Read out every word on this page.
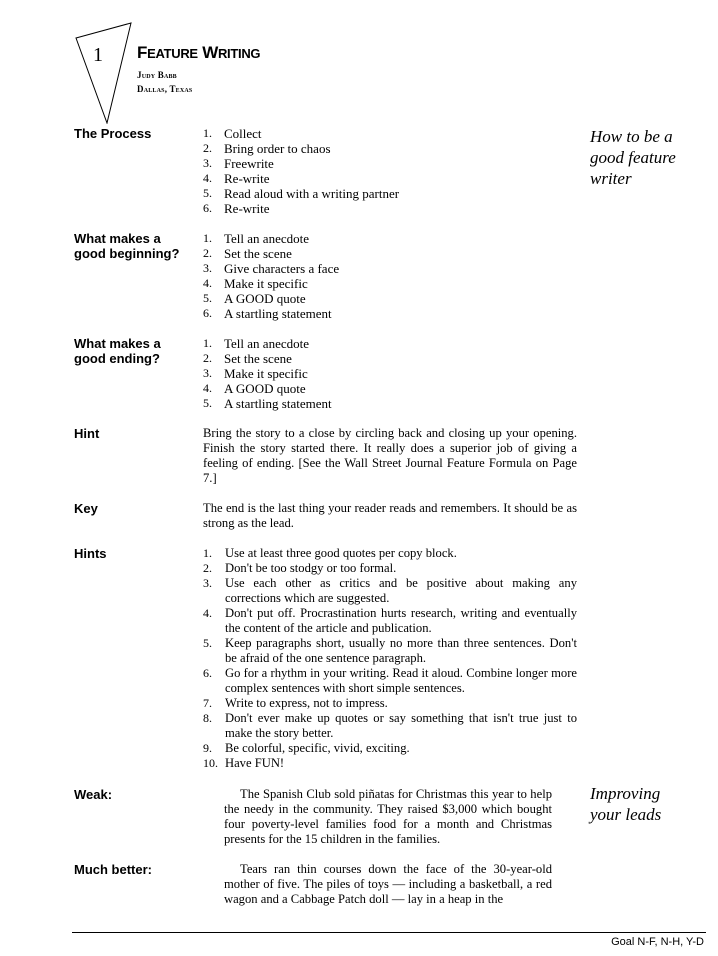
1 FEATURE WRITING
Judy Babb
Dallas, Texas
The Process	1. Collect
2. Bring order to chaos
3. Freewrite
4. Re-write
5. Read aloud with a writing partner
6. Re-write
How to be a
good feature
writer
What makes a
good beginning?
1. Tell an anecdote
2. Set the scene
3. Give characters a face
4. Make it specific
5. A GOOD quote
6. A startling statement
What makes a
good ending?
1. Tell an anecdote
2. Set the scene
3. Make it specific
4. A GOOD quote
5. A startling statement
Hint	Bring the story to a close by circling back and closing up your opening. Finish the story started there. It really does a superior job of giving a feeling of ending. [See the Wall Street Journal Feature Formula on Page 7.]
Key	The end is the last thing your reader reads and remembers. It should be as strong as the lead.
Hints	1. Use at least three good quotes per copy block.
2. Don't be too stodgy or too formal.
3. Use each other as critics and be positive about making any corrections which are suggested.
4. Don't put off. Procrastination hurts research, writing and eventually the content of the article and publication.
5. Keep paragraphs short, usually no more than three sentences. Don't be afraid of the one sentence paragraph.
6. Go for a rhythm in your writing. Read it aloud. Combine longer more complex sentences with short simple sentences.
7. Write to express, not to impress.
8. Don't ever make up quotes or say something that isn't true just to make the story better.
9. Be colorful, specific, vivid, exciting.
10. Have FUN!
Weak:	The Spanish Club sold piñatas for Christmas this year to help the needy in the community. They raised $3,000 which bought four poverty-level families food for a month and Christmas presents for the 15 children in the families.
Improving
your leads
Much better:	Tears ran thin courses down the face of the 30-year-old mother of five. The piles of toys — including a basketball, a red wagon and a Cabbage Patch doll — lay in a heap in the
Goal N-F, N-H, Y-D
